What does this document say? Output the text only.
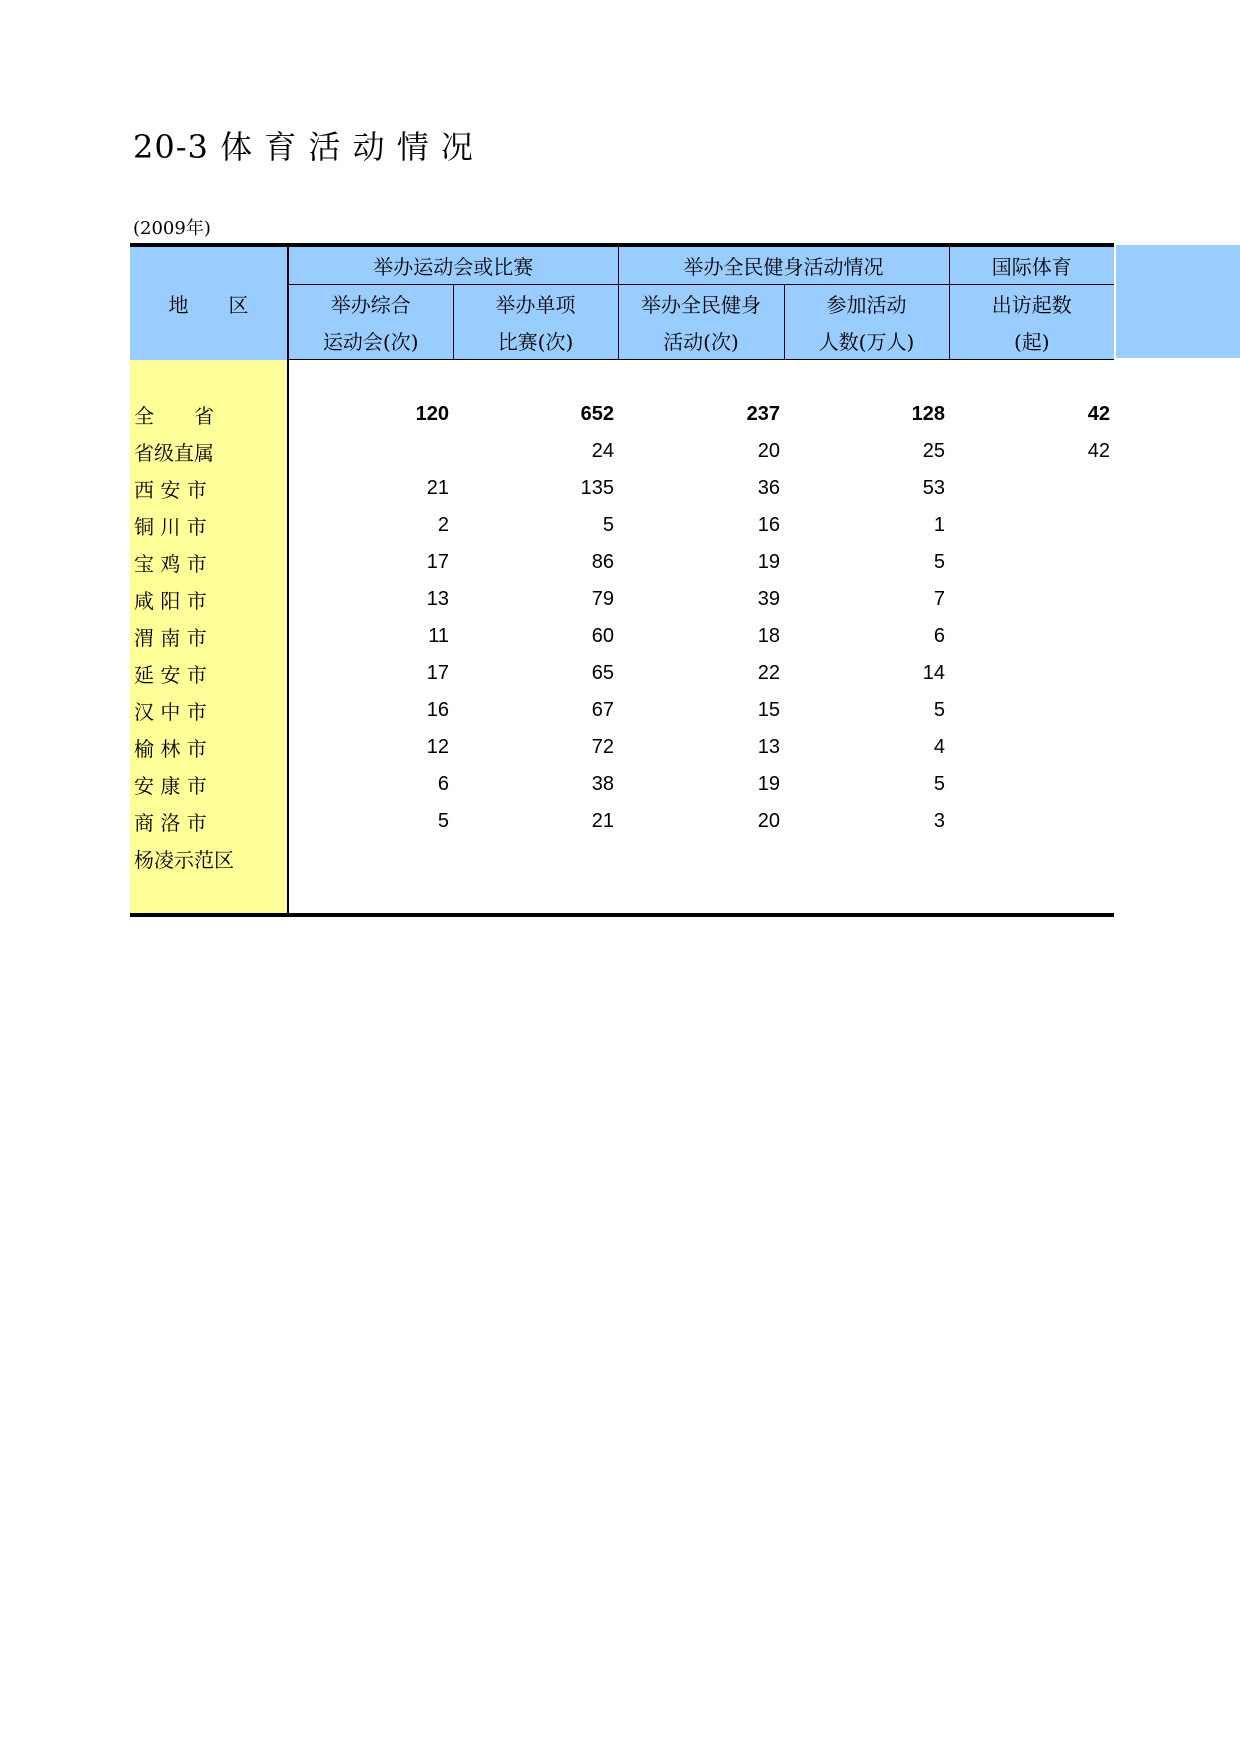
20-3 体 育 活 动 情 况
(2009年)
地　　区	举办运动会或比赛		举办全民健身活动情况		国际体育
	举办综合	举办单项	举办全民健身	参加活动	出访起数
	运动会(次)	比赛(次)	活动(次)	人数(万人)	(起)

全　　省	120	652	237	128	42
省级直属		24	20	25	42
西 安 市	21	135	36	53	
铜 川 市	2	5	16	1	
宝 鸡 市	17	86	19	5	
咸 阳 市	13	79	39	7	
渭 南 市	11	60	18	6	
延 安 市	17	65	22	14	
汉 中 市	16	67	15	5	
榆 林 市	12	72	13	4	
安 康 市	6	38	19	5	
商 洛 市	5	21	20	3	
杨凌示范区					
